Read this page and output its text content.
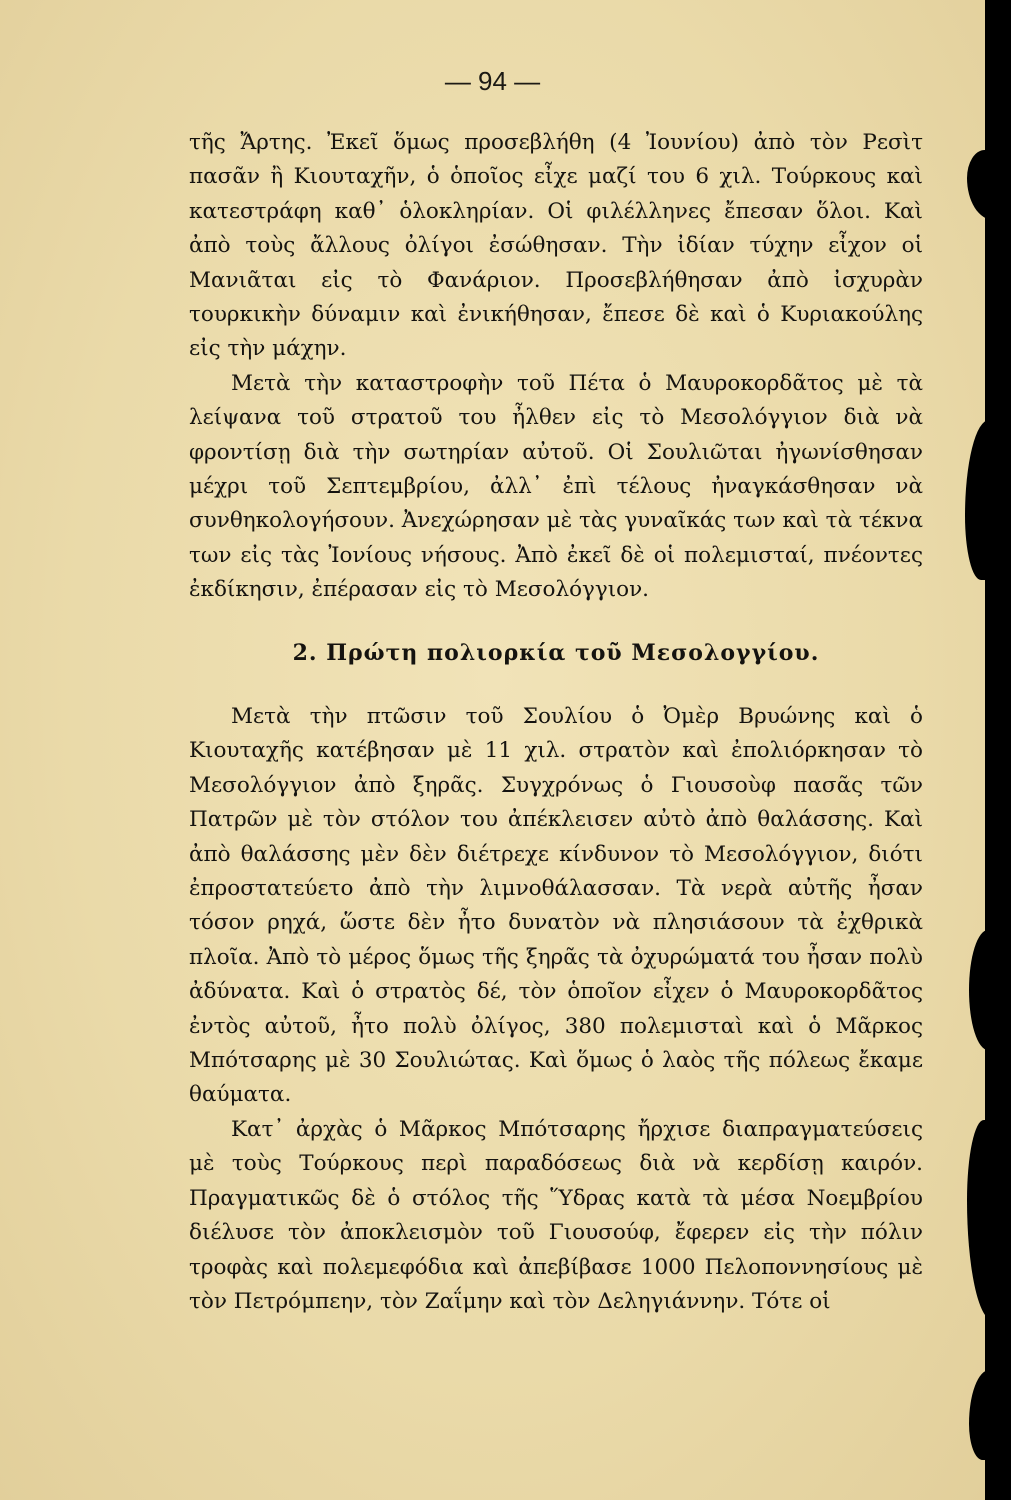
— 94 —

τῆς Ἄρτης. Ἐκεῖ ὅμως προσεβλήθη (4 Ἰουνίου) ἀπὸ τὸν Ρεσὶτ πασᾶν ἢ Κιουταχῆν, ὁ ὁποῖος εἶχε μαζί του 6 χιλ. Τούρκους καὶ κατεστράφη καθ᾽ ὁλοκληρίαν. Οἱ φιλέλληνες ἔπεσαν ὅλοι. Καὶ ἀπὸ τοὺς ἄλλους ὀλίγοι ἐσώθησαν. Τὴν ἰδίαν τύχην εἶχον οἱ Μανιᾶται εἰς τὸ Φανάριον. Προσεβλήθησαν ἀπὸ ἰσχυρὰν τουρκικὴν δύναμιν καὶ ἐνικήθησαν, ἔπεσε δὲ καὶ ὁ Κυριακούλης εἰς τὴν μάχην.

Μετὰ τὴν καταστροφὴν τοῦ Πέτα ὁ Μαυροκορδᾶτος μὲ τὰ λείψανα τοῦ στρατοῦ του ἦλθεν εἰς τὸ Μεσολόγγιον διὰ νὰ φροντίσῃ διὰ τὴν σωτηρίαν αὐτοῦ. Οἱ Σουλιῶται ἠγωνίσθησαν μέχρι τοῦ Σεπτεμβρίου, ἀλλ᾽ ἐπὶ τέλους ἠναγκάσθησαν νὰ συνθηκολογήσουν. Ἀνεχώρησαν μὲ τὰς γυναῖκάς των καὶ τὰ τέκνα των εἰς τὰς Ἰονίους νήσους. Ἀπὸ ἐκεῖ δὲ οἱ πολεμισταί, πνέοντες ἐκδίκησιν, ἐπέρασαν εἰς τὸ Μεσολόγγιον.

2. Πρώτη πολιορκία τοῦ Μεσολογγίου.

Μετὰ τὴν πτῶσιν τοῦ Σουλίου ὁ Ὀμὲρ Βρυώνης καὶ ὁ Κιουταχῆς κατέβησαν μὲ 11 χιλ. στρατὸν καὶ ἐπολιόρκησαν τὸ Μεσολόγγιον ἀπὸ ξηρᾶς. Συγχρόνως ὁ Γιουσοὺφ πασᾶς τῶν Πατρῶν μὲ τὸν στόλον του ἀπέκλεισεν αὐτὸ ἀπὸ θαλάσσης. Καὶ ἀπὸ θαλάσσης μὲν δὲν διέτρεχε κίνδυνον τὸ Μεσολόγγιον, διότι ἐπροστατεύετο ἀπὸ τὴν λιμνοθάλασσαν. Τὰ νερὰ αὐτῆς ἦσαν τόσον ρηχά, ὥστε δὲν ἦτο δυνατὸν νὰ πλησιάσουν τὰ ἐχθρικὰ πλοῖα. Ἀπὸ τὸ μέρος ὅμως τῆς ξηρᾶς τὰ ὀχυρώματά του ἦσαν πολὺ ἀδύνατα. Καὶ ὁ στρατὸς δέ, τὸν ὁποῖον εἶχεν ὁ Μαυροκορδᾶτος ἐντὸς αὐτοῦ, ἦτο πολὺ ὀλίγος, 380 πολεμισταὶ καὶ ὁ Μᾶρκος Μπότσαρης μὲ 30 Σουλιώτας. Καὶ ὅμως ὁ λαὸς τῆς πόλεως ἔκαμε θαύματα.

Κατ᾽ ἀρχὰς ὁ Μᾶρκος Μπότσαρης ἤρχισε διαπραγματεύσεις μὲ τοὺς Τούρκους περὶ παραδόσεως διὰ νὰ κερδίσῃ καιρόν. Πραγματικῶς δὲ ὁ στόλος τῆς Ὕδρας κατὰ τὰ μέσα Νοεμβρίου διέλυσε τὸν ἀποκλεισμὸν τοῦ Γιουσούφ, ἔφερεν εἰς τὴν πόλιν τροφὰς καὶ πολεμεφόδια καὶ ἀπεβίβασε 1000 Πελοποννησίους μὲ τὸν Πετρόμπεην, τὸν Ζαΐμην καὶ τὸν Δεληγιάννην. Τότε οἱ
